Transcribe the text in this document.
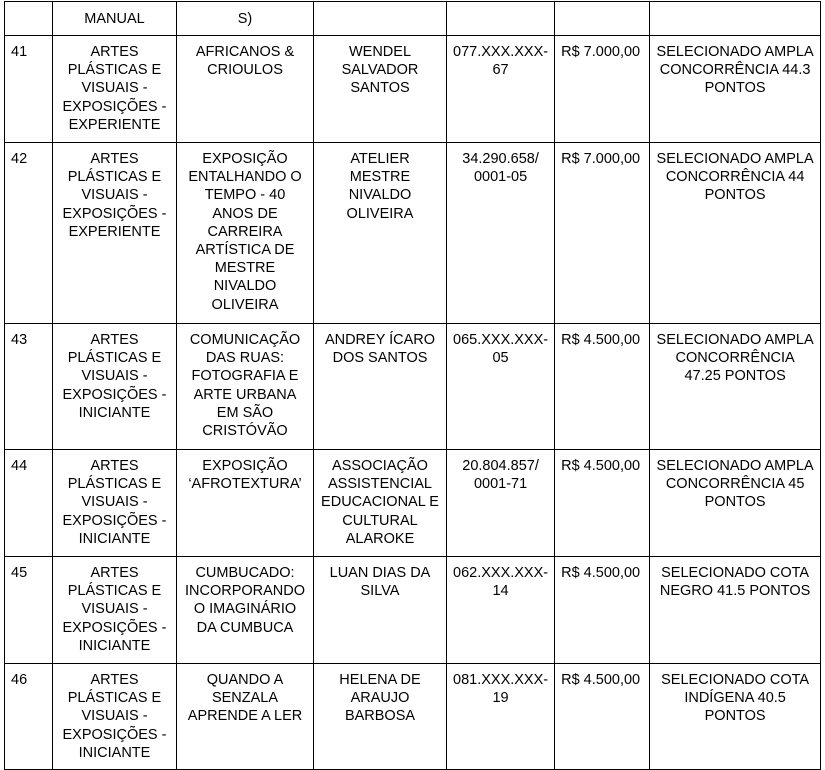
	MANUAL	S)				
41	ARTES PLÁSTICAS E VISUAIS - EXPOSIÇÕES - EXPERIENTE	AFRICANOS & CRIOULOS	WENDEL SALVADOR SANTOS	077.XXX.XXX-67	R$ 7.000,00	SELECIONADO AMPLA CONCORRÊNCIA 44.3 PONTOS
42	ARTES PLÁSTICAS E VISUAIS - EXPOSIÇÕES - EXPERIENTE	EXPOSIÇÃO ENTALHANDO O TEMPO - 40 ANOS DE CARREIRA ARTÍSTICA DE MESTRE NIVALDO OLIVEIRA	ATELIER MESTRE NIVALDO OLIVEIRA	34.290.658/ 0001-05	R$ 7.000,00	SELECIONADO AMPLA CONCORRÊNCIA 44 PONTOS
43	ARTES PLÁSTICAS E VISUAIS - EXPOSIÇÕES - INICIANTE	COMUNICAÇÃO DAS RUAS: FOTOGRAFIA E ARTE URBANA EM SÃO CRISTÓVÃO	ANDREY ÍCARO DOS SANTOS	065.XXX.XXX-05	R$ 4.500,00	SELECIONADO AMPLA CONCORRÊNCIA 47.25 PONTOS
44	ARTES PLÁSTICAS E VISUAIS - EXPOSIÇÕES - INICIANTE	EXPOSIÇÃO ‘AFROTEXTURA’	ASSOCIAÇÃO ASSISTENCIAL EDUCACIONAL E CULTURAL ALAROKE	20.804.857/ 0001-71	R$ 4.500,00	SELECIONADO AMPLA CONCORRÊNCIA 45 PONTOS
45	ARTES PLÁSTICAS E VISUAIS - EXPOSIÇÕES - INICIANTE	CUMBUCADO: INCORPORANDO O IMAGINÁRIO DA CUMBUCA	LUAN DIAS DA SILVA	062.XXX.XXX-14	R$ 4.500,00	SELECIONADO COTA NEGRO 41.5 PONTOS
46	ARTES PLÁSTICAS E VISUAIS - EXPOSIÇÕES - INICIANTE	QUANDO A SENZALA APRENDE A LER	HELENA DE ARAUJO BARBOSA	081.XXX.XXX-19	R$ 4.500,00	SELECIONADO COTA INDÍGENA 40.5 PONTOS
